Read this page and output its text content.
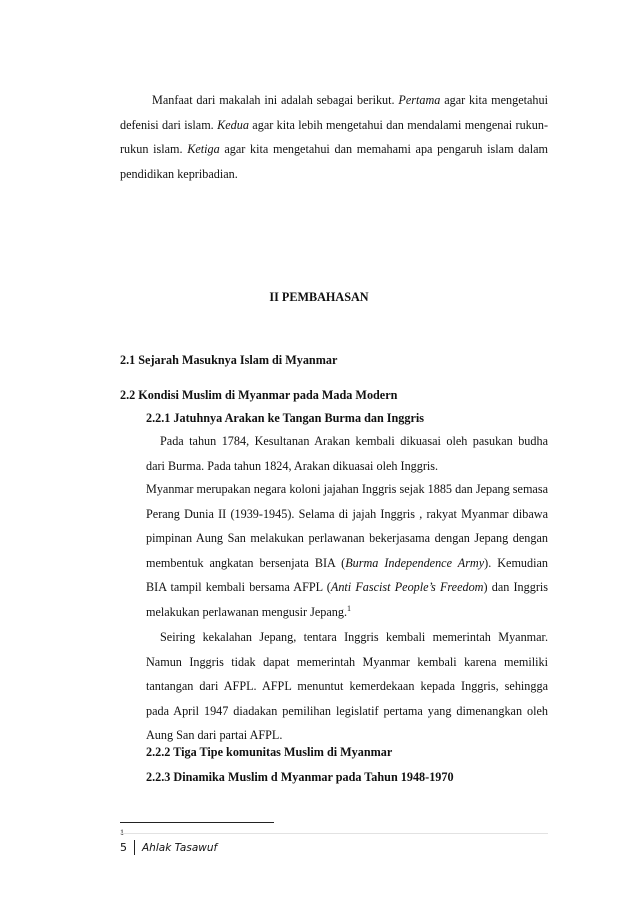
Manfaat dari makalah ini adalah sebagai berikut. Pertama agar kita mengetahui defenisi dari islam. Kedua agar kita lebih mengetahui dan mendalami mengenai rukun-rukun islam. Ketiga agar kita mengetahui dan memahami apa pengaruh islam dalam pendidikan kepribadian.

II PEMBAHASAN
2.1 Sejarah Masuknya Islam di Myanmar
2.2 Kondisi Muslim di Myanmar pada Mada Modern
2.2.1 Jatuhnya Arakan ke Tangan Burma dan Inggris

Pada tahun 1784, Kesultanan Arakan kembali dikuasai oleh pasukan budha dari Burma. Pada tahun 1824, Arakan dikuasai oleh Inggris.

Myanmar merupakan negara koloni jajahan Inggris sejak 1885 dan Jepang semasa Perang Dunia II (1939-1945). Selama di jajah Inggris , rakyat Myanmar dibawa pimpinan Aung San melakukan perlawanan bekerjasama dengan Jepang dengan membentuk angkatan bersenjata BIA (Burma Independence Army). Kemudian BIA tampil kembali bersama AFPL (Anti Fascist People’s Freedom) dan Inggris melakukan perlawanan mengusir Jepang.$^1$

Seiring kekalahan Jepang, tentara Inggris kembali memerintah Myanmar. Namun Inggris tidak dapat memerintah Myanmar kembali karena memiliki tantangan dari AFPL. AFPL menuntut kemerdekaan kepada Inggris, sehingga pada April 1947 diadakan pemilihan legislatif pertama yang dimenangkan oleh Aung San dari partai AFPL.

2.2.2 Tiga Tipe komunitas Muslim di Myanmar
2.2.3 Dinamika Muslim d Myanmar pada Tahun 1948-1970
1
5 Ahlak Tasawuf
